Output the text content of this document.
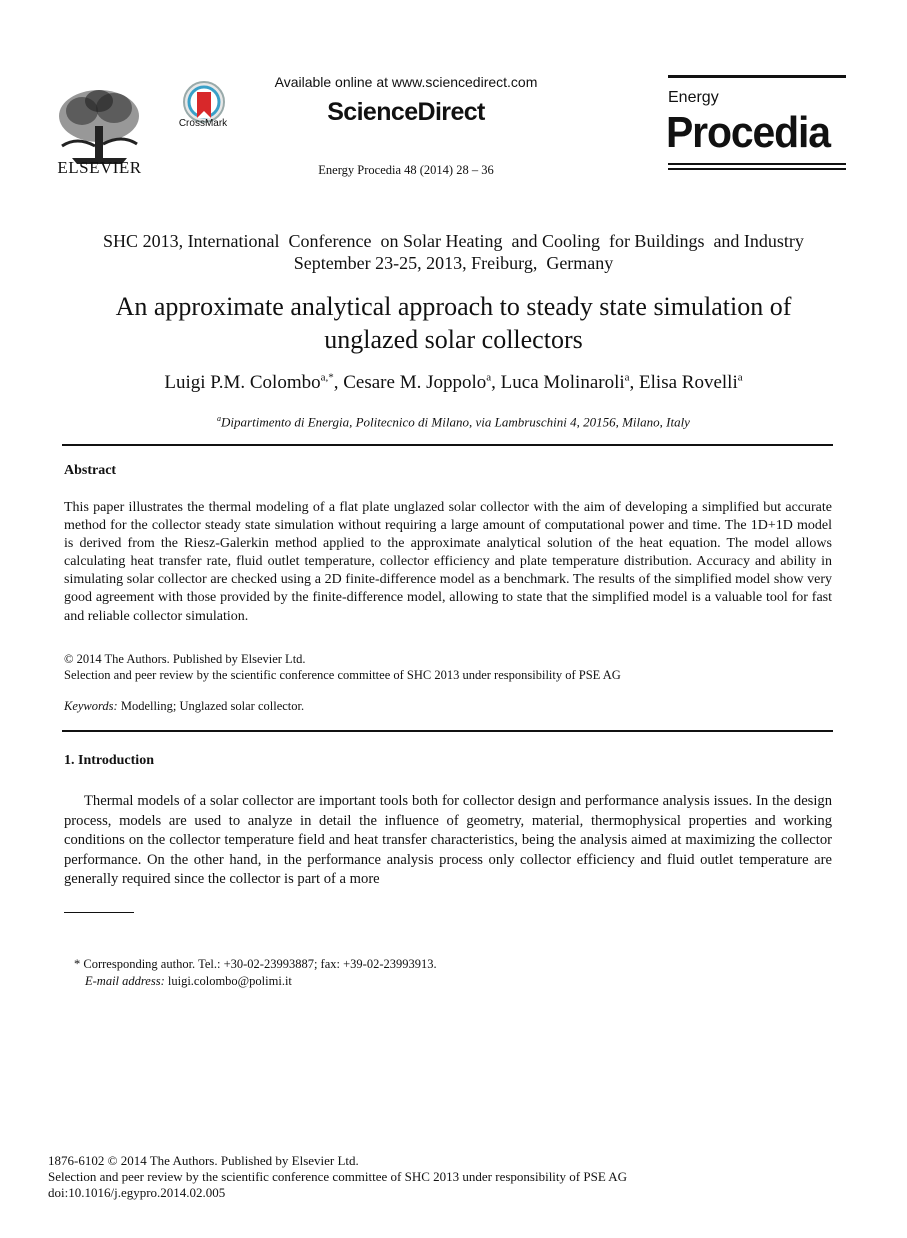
ELSEVIER
CrossMark
Available online at www.sciencedirect.com
ScienceDirect
Energy Procedia 48 (2014) 28 – 36
Energy
Procedia
SHC 2013, International  Conference  on Solar Heating  and Cooling  for Buildings  and Industry
September 23-25, 2013, Freiburg,  Germany
An approximate analytical approach to steady state simulation of
unglazed solar collectors
Luigi P.M. Colombo$^{a,*}$, Cesare M. Joppolo$^a$, Luca Molinaroli$^a$, Elisa Rovelli$^a$
$^a$Dipartimento di Energia, Politecnico di Milano, via Lambruschini 4, 20156, Milano, Italy
Abstract
This paper illustrates the thermal modeling of a flat plate unglazed solar collector with the aim of developing a simplified but accurate method for the collector steady state simulation without requiring a large amount of computational power and time. The 1D+1D model is derived from the Riesz-Galerkin method applied to the approximate analytical solution of the heat equation. The model allows calculating heat transfer rate, fluid outlet temperature, collector efficiency and plate temperature distribution. Accuracy and ability in simulating solar collector are checked using a 2D finite-difference model as a benchmark. The results of the simplified model show very good agreement with those provided by the finite-difference model, allowing to state that the simplified model is a valuable tool for fast and reliable collector simulation.
© 2014 The Authors. Published by Elsevier Ltd.
Selection and peer review by the scientific conference committee of SHC 2013 under responsibility of PSE AG
Keywords: Modelling; Unglazed solar collector.
1. Introduction
Thermal models of a solar collector are important tools both for collector design and performance analysis issues. In the design process, models are used to analyze in detail the influence of geometry, material, thermophysical properties and working conditions on the collector temperature field and heat transfer characteristics, being the analysis aimed at maximizing the collector performance. On the other hand, in the performance analysis process only collector efficiency and fluid outlet temperature are generally required since the collector is part of a more
* Corresponding author. Tel.: +30-02-23993887; fax: +39-02-23993913.
E-mail address: luigi.colombo@polimi.it
1876-6102 © 2014 The Authors. Published by Elsevier Ltd.
Selection and peer review by the scientific conference committee of SHC 2013 under responsibility of PSE AG
doi:10.1016/j.egypro.2014.02.005
